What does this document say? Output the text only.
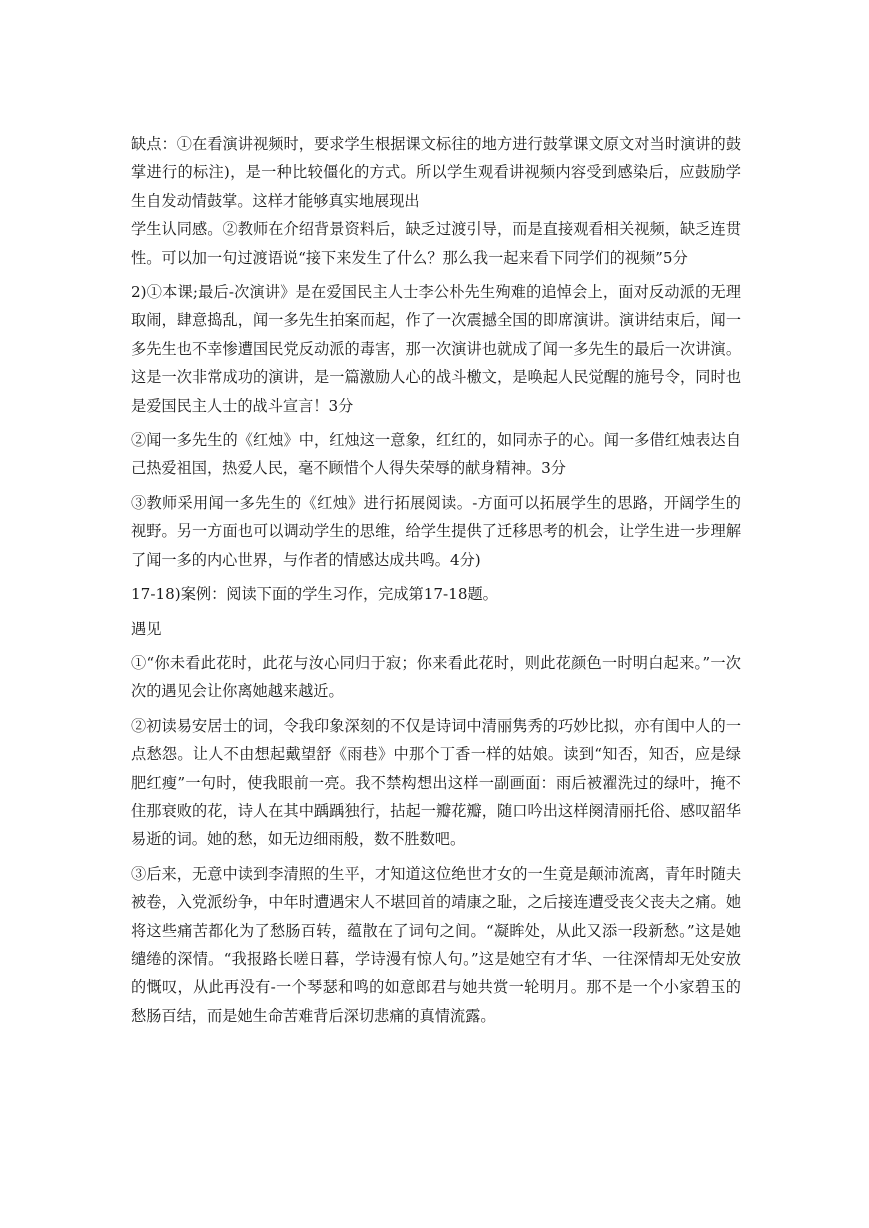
缺点：①在看演讲视频时，要求学生根据课文标往的地方进行鼓掌课文原文对当时演讲的鼓掌进行的标注)，是一种比较僵化的方式。所以学生观看讲视频内容受到感染后，应鼓励学生自发动情鼓掌。这样才能够真实地展现出

学生认同感。②教师在介绍背景资料后，缺乏过渡引导，而是直接观看相关视频，缺乏连贯性。可以加一句过渡语说“接下来发生了什么？那么我一起来看下同学们的视频”5分

2)①本课;最后-次演讲》是在爱国民主人士李公朴先生殉难的追悼会上，面对反动派的无理取闹，肆意捣乱，闻一多先生拍案而起，作了一次震撼全国的即席演讲。演讲结束后，闻一多先生也不幸惨遭国民党反动派的毒害，那一次演讲也就成了闻一多先生的最后一次讲演。这是一次非常成功的演讲，是一篇激励人心的战斗檄文，是唤起人民觉醒的施号令，同时也是爱国民主人士的战斗宣言！3分

②闻一多先生的《红烛》中，红烛这一意象，红红的，如同赤子的心。闻一多借红烛表达自己热爱祖国，热爱人民，毫不顾惜个人得失荣辱的献身精神。3分

③教师采用闻一多先生的《红烛》进行拓展阅读。-方面可以拓展学生的思路，开阔学生的视野。另一方面也可以调动学生的思维，给学生提供了迁移思考的机会，让学生进一步理解了闻一多的内心世界，与作者的情感达成共鸣。4分)

17-18)案例：阅读下面的学生习作，完成第17-18题。

遇见

①“你未看此花时，此花与汝心同归于寂；你来看此花时，则此花颜色一时明白起来。”一次次的遇见会让你离她越来越近。

②初读易安居士的词，令我印象深刻的不仅是诗词中清丽隽秀的巧妙比拟，亦有闺中人的一点愁怨。让人不由想起戴望舒《雨巷》中那个丁香一样的姑娘。读到“知否，知否，应是绿肥红瘦”一句时，使我眼前一亮。我不禁构想出这样一副画面：雨后被濯洗过的绿叶，掩不住那衰败的花，诗人在其中踽踽独行，拈起一瓣花瓣，随口吟出这样阕清丽托俗、感叹韶华易逝的词。她的愁，如无边细雨般，数不胜数吧。

③后来，无意中读到李清照的生平，才知道这位绝世才女的一生竟是颠沛流离，青年时随夫被卷，入党派纷争，中年时遭遇宋人不堪回首的靖康之耻，之后接连遭受丧父丧夫之痛。她将这些痛苦都化为了愁肠百转，蕴散在了词句之间。“凝眸处，从此又添一段新愁。”这是她缱绻的深情。“我报路长嗟日暮，学诗漫有惊人句。”这是她空有才华、一往深情却无处安放的慨叹，从此再没有-一个琴瑟和鸣的如意郎君与她共赏一轮明月。那不是一个小家碧玉的愁肠百结，而是她生命苦难背后深切悲痛的真情流露。
